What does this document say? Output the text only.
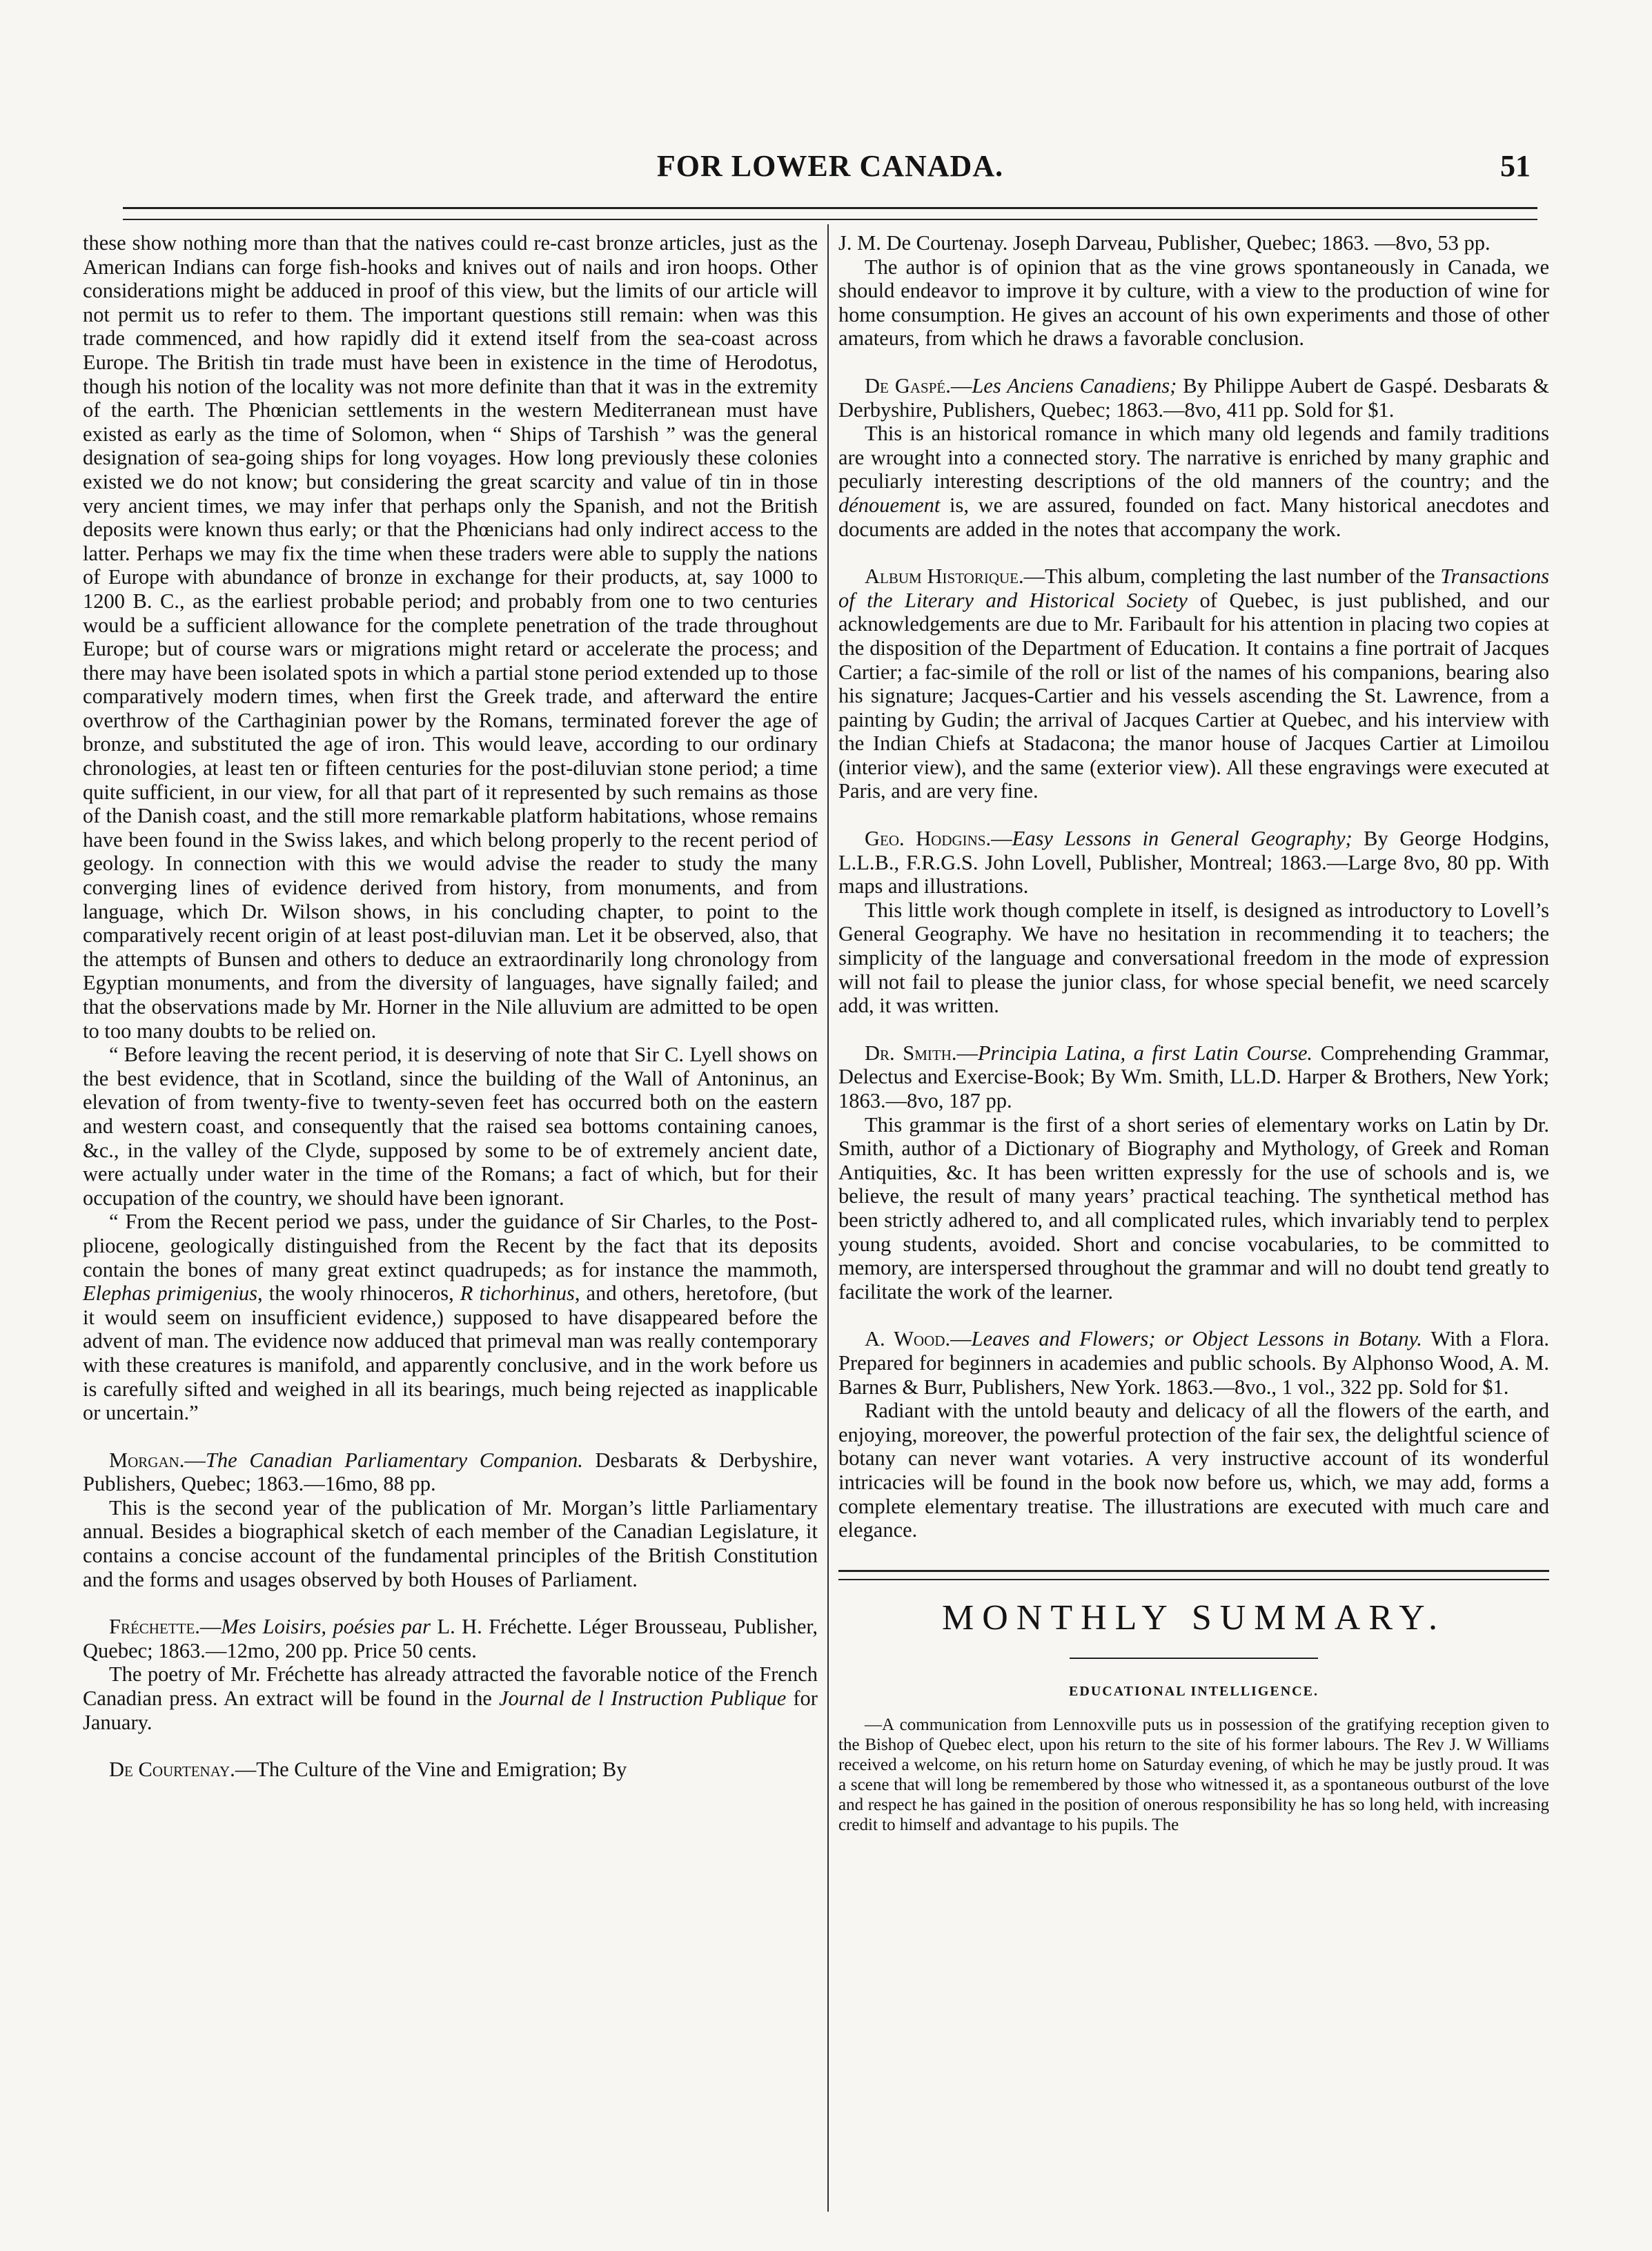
FOR LOWER CANADA.	51

these show nothing more than that the natives could re-cast bronze articles, just as the American Indians can forge fish-hooks and knives out of nails and iron hoops. Other considerations might be adduced in proof of this view, but the limits of our article will not permit us to refer to them. The important questions still remain: when was this trade commenced, and how rapidly did it extend itself from the sea-coast across Europe. The British tin trade must have been in existence in the time of Herodotus, though his notion of the locality was not more definite than that it was in the extremity of the earth. The Phœnician settlements in the western Mediterranean must have existed as early as the time of Solomon, when “ Ships of Tarshish ” was the general designation of sea-going ships for long voyages. How long previously these colonies existed we do not know; but considering the great scarcity and value of tin in those very ancient times, we may infer that perhaps only the Spanish, and not the British deposits were known thus early; or that the Phœnicians had only indirect access to the latter. Perhaps we may fix the time when these traders were able to supply the nations of Europe with abundance of bronze in exchange for their products, at, say 1000 to 1200 B. C., as the earliest probable period; and probably from one to two centuries would be a sufficient allowance for the complete penetration of the trade throughout Europe; but of course wars or migrations might retard or accelerate the process; and there may have been isolated spots in which a partial stone period extended up to those comparatively modern times, when first the Greek trade, and afterward the entire overthrow of the Carthaginian power by the Romans, terminated forever the age of bronze, and substituted the age of iron. This would leave, according to our ordinary chronologies, at least ten or fifteen centuries for the post-diluvian stone period; a time quite sufficient, in our view, for all that part of it represented by such remains as those of the Danish coast, and the still more remarkable platform habitations, whose remains have been found in the Swiss lakes, and which belong properly to the recent period of geology. In connection with this we would advise the reader to study the many converging lines of evidence derived from history, from monuments, and from language, which Dr. Wilson shows, in his concluding chapter, to point to the comparatively recent origin of at least post-diluvian man. Let it be observed, also, that the attempts of Bunsen and others to deduce an extraordinarily long chronology from Egyptian monuments, and from the diversity of languages, have signally failed; and that the observations made by Mr. Horner in the Nile alluvium are admitted to be open to too many doubts to be relied on.

“ Before leaving the recent period, it is deserving of note that Sir C. Lyell shows on the best evidence, that in Scotland, since the building of the Wall of Antoninus, an elevation of from twenty-five to twenty-seven feet has occurred both on the eastern and western coast, and consequently that the raised sea bottoms containing canoes, &c., in the valley of the Clyde, supposed by some to be of extremely ancient date, were actually under water in the time of the Romans; a fact of which, but for their occupation of the country, we should have been ignorant.

“ From the Recent period we pass, under the guidance of Sir Charles, to the Post-pliocene, geologically distinguished from the Recent by the fact that its deposits contain the bones of many great extinct quadrupeds; as for instance the mammoth, Elephas primigenius, the wooly rhinoceros, R tichorhinus, and others, heretofore, (but it would seem on insufficient evidence,) supposed to have disappeared before the advent of man. The evidence now adduced that primeval man was really contemporary with these creatures is manifold, and apparently conclusive, and in the work before us is carefully sifted and weighed in all its bearings, much being rejected as inapplicable or uncertain.”

Morgan.—The Canadian Parliamentary Companion. Desbarats & Derbyshire, Publishers, Quebec; 1863.—16mo, 88 pp.

This is the second year of the publication of Mr. Morgan’s little Parliamentary annual. Besides a biographical sketch of each member of the Canadian Legislature, it contains a concise account of the fundamental principles of the British Constitution and the forms and usages observed by both Houses of Parliament.

Fréchette.—Mes Loisirs, poésies par L. H. Fréchette. Léger Brousseau, Publisher, Quebec; 1863.—12mo, 200 pp. Price 50 cents.

The poetry of Mr. Fréchette has already attracted the favorable notice of the French Canadian press. An extract will be found in the Journal de l Instruction Publique for January.

De Courtenay.—The Culture of the Vine and Emigration; By

J. M. De Courtenay. Joseph Darveau, Publisher, Quebec; 1863. —8vo, 53 pp.

The author is of opinion that as the vine grows spontaneously in Canada, we should endeavor to improve it by culture, with a view to the production of wine for home consumption. He gives an account of his own experiments and those of other amateurs, from which he draws a favorable conclusion.

De Gaspé.—Les Anciens Canadiens; By Philippe Aubert de Gaspé. Desbarats & Derbyshire, Publishers, Quebec; 1863.—8vo, 411 pp. Sold for $1.

This is an historical romance in which many old legends and family traditions are wrought into a connected story. The narrative is enriched by many graphic and peculiarly interesting descriptions of the old manners of the country; and the dénouement is, we are assured, founded on fact. Many historical anecdotes and documents are added in the notes that accompany the work.

Album Historique.—This album, completing the last number of the Transactions of the Literary and Historical Society of Quebec, is just published, and our acknowledgements are due to Mr. Faribault for his attention in placing two copies at the disposition of the Department of Education. It contains a fine portrait of Jacques Cartier; a fac-simile of the roll or list of the names of his companions, bearing also his signature; Jacques-Cartier and his vessels ascending the St. Lawrence, from a painting by Gudin; the arrival of Jacques Cartier at Quebec, and his interview with the Indian Chiefs at Stadacona; the manor house of Jacques Cartier at Limoilou (interior view), and the same (exterior view). All these engravings were executed at Paris, and are very fine.

Geo. Hodgins.—Easy Lessons in General Geography; By George Hodgins, L.L.B., F.R.G.S. John Lovell, Publisher, Montreal; 1863.—Large 8vo, 80 pp. With maps and illustrations.

This little work though complete in itself, is designed as introductory to Lovell’s General Geography. We have no hesitation in recommending it to teachers; the simplicity of the language and conversational freedom in the mode of expression will not fail to please the junior class, for whose special benefit, we need scarcely add, it was written.

Dr. Smith.—Principia Latina, a first Latin Course. Comprehending Grammar, Delectus and Exercise-Book; By Wm. Smith, LL.D. Harper & Brothers, New York; 1863.—8vo, 187 pp.

This grammar is the first of a short series of elementary works on Latin by Dr. Smith, author of a Dictionary of Biography and Mythology, of Greek and Roman Antiquities, &c. It has been written expressly for the use of schools and is, we believe, the result of many years’ practical teaching. The synthetical method has been strictly adhered to, and all complicated rules, which invariably tend to perplex young students, avoided. Short and concise vocabularies, to be committed to memory, are interspersed throughout the grammar and will no doubt tend greatly to facilitate the work of the learner.

A. Wood.—Leaves and Flowers; or Object Lessons in Botany. With a Flora. Prepared for beginners in academies and public schools. By Alphonso Wood, A. M. Barnes & Burr, Publishers, New York. 1863.—8vo., 1 vol., 322 pp. Sold for $1.

Radiant with the untold beauty and delicacy of all the flowers of the earth, and enjoying, moreover, the powerful protection of the fair sex, the delightful science of botany can never want votaries. A very instructive account of its wonderful intricacies will be found in the book now before us, which, we may add, forms a complete elementary treatise. The illustrations are executed with much care and elegance.

MONTHLY SUMMARY.
EDUCATIONAL INTELLIGENCE.

—A communication from Lennoxville puts us in possession of the gratifying reception given to the Bishop of Quebec elect, upon his return to the site of his former labours. The Rev J. W Williams received a welcome, on his return home on Saturday evening, of which he may be justly proud. It was a scene that will long be remembered by those who witnessed it, as a spontaneous outburst of the love and respect he has gained in the position of onerous responsibility he has so long held, with increasing credit to himself and advantage to his pupils. The
